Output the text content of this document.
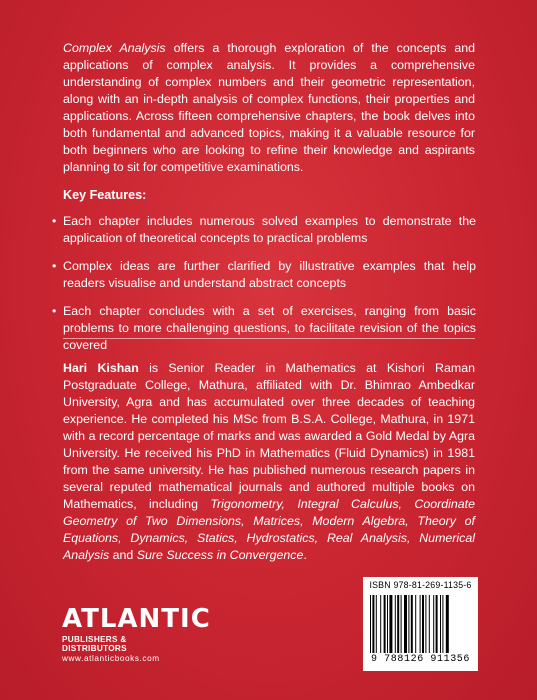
Complex Analysis offers a thorough exploration of the concepts and applications of complex analysis. It provides a comprehensive understanding of complex numbers and their geometric representation, along with an in-depth analysis of complex functions, their properties and applications. Across fifteen comprehensive chapters, the book delves into both fundamental and advanced topics, making it a valuable resource for both beginners who are looking to refine their knowledge and aspirants planning to sit for competitive examinations.

Key Features:
• Each chapter includes numerous solved examples to demonstrate the application of theoretical concepts to practical problems
• Complex ideas are further clarified by illustrative examples that help readers visualise and understand abstract concepts
• Each chapter concludes with a set of exercises, ranging from basic problems to more challenging questions, to facilitate revision of the topics covered

Hari Kishan is Senior Reader in Mathematics at Kishori Raman Postgraduate College, Mathura, affiliated with Dr. Bhimrao Ambedkar University, Agra and has accumulated over three decades of teaching experience. He completed his MSc from B.S.A. College, Mathura, in 1971 with a record percentage of marks and was awarded a Gold Medal by Agra University. He received his PhD in Mathematics (Fluid Dynamics) in 1981 from the same university. He has published numerous research papers in several reputed mathematical journals and authored multiple books on Mathematics, including Trigonometry, Integral Calculus, Coordinate Geometry of Two Dimensions, Matrices, Modern Algebra, Theory of Equations, Dynamics, Statics, Hydrostatics, Real Analysis, Numerical Analysis and Sure Success in Convergence.

ATLANTIC
PUBLISHERS & DISTRIBUTORS
www.atlanticbooks.com
ISBN 978-81-269-1135-6
9 788126 911356
